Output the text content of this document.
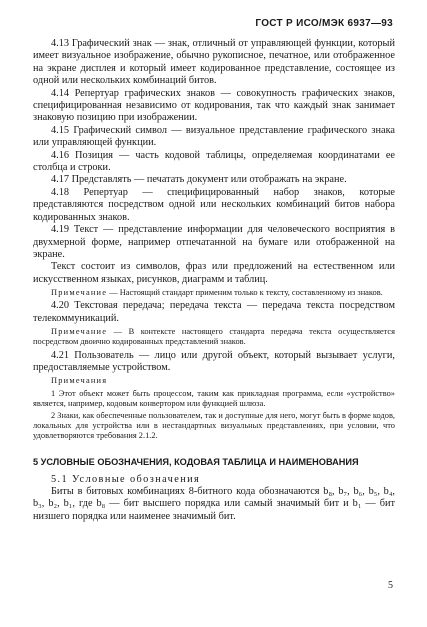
ГОСТ Р ИСО/МЭК 6937—93

4.13 Графический знак — знак, отличный от управляющей функции, который имеет визуальное изображение, обычно рукописное, печатное, или отображенное на экране дисплея и который имеет кодированное представление, состоящее из одной или нескольких комбинаций битов.

4.14 Репертуар графических знаков — совокупность графических знаков, специфицированная независимо от кодирования, так что каждый знак занимает знаковую позицию при изображении.

4.15 Графический символ — визуальное представление графического знака или управляющей функции.

4.16 Позиция — часть кодовой таблицы, определяемая координатами ее столбца и строки.

4.17 Представлять — печатать документ или отображать на экране.

4.18 Репертуар — специфицированный набор знаков, которые представляются посредством одной или нескольких комбинаций битов набора кодированных знаков.

4.19 Текст — представление информации для человеческого восприятия в двухмерной форме, например отпечатанной на бумаге или отображенной на экране.

Текст состоит из символов, фраз или предложений на естественном или искусственном языках, рисунков, диаграмм и таблиц.

Примечание — Настоящий стандарт применим только к тексту, составленному из знаков.

4.20 Текстовая передача; передача текста — передача текста посредством телекоммуникаций.

Примечание — В контексте настоящего стандарта передача текста осуществляется посредством двоично кодированных представлений знаков.

4.21 Пользователь — лицо или другой объект, который вызывает услуги, предоставляемые устройством.

Примечания

1 Этот объект может быть процессом, таким как прикладная программа, если «устройство» является, например, кодовым конвертором или функцией шлюза.

2 Знаки, как обеспеченные пользователем, так и доступные для него, могут быть в форме кодов, локальных для устройства или в нестандартных визуальных представлениях, при условии, что удовлетворяются требования 2.1.2.

5 УСЛОВНЫЕ ОБОЗНАЧЕНИЯ, КОДОВАЯ ТАБЛИЦА И НАИМЕНОВАНИЯ

5.1 Условные обозначения

Биты в битовых комбинациях 8-битного кода обозначаются b₈, b₇, b₆, b₅, b₄, b₃, b₂, b₁, где b₈ — бит высшего порядка или самый значимый бит и b₁ — бит низшего порядка или наименее значимый бит.

5
